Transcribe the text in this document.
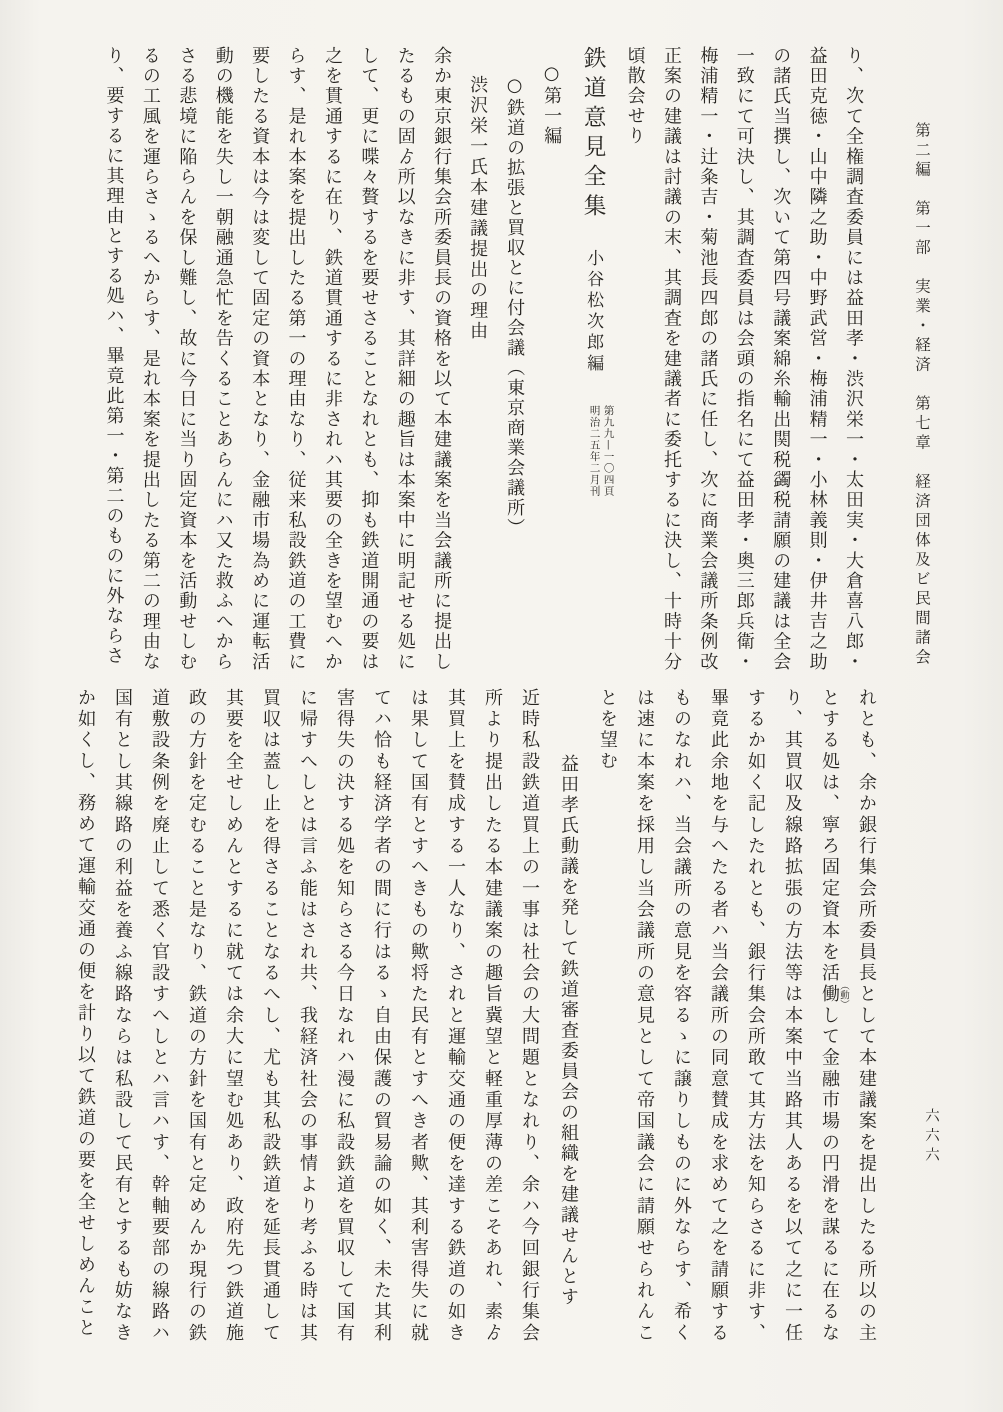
第二編　第一部　実業・経済　第七章　経済団体及ビ民間諸会
六六六

り、次て全権調査委員には益田孝・渋沢栄一・太田実・大倉喜八郎・益田克徳・山中隣之助・中野武営・梅浦精一・小林義則・伊井吉之助の諸氏当撰し、次いて第四号議案綿糸輸出関税蠲税請願の建議は全会一致にて可決し、其調査委員は会頭の指名にて益田孝・奥三郎兵衛・梅浦精一・辻粂吉・菊池長四郎の諸氏に任し、次に商業会議所条例改正案の建議は討議の末、其調査を建議者に委托するに決し、十時十分頃散会せり

鉄道意見全集小谷松次郎編
第九九—一〇四頁
明治二五年二月刊
○第一編
○鉄道の拡張と買収とに付会議（東京商業会議所）
渋沢栄一氏本建議提出の理由

余か東京銀行集会所委員長の資格を以て本建議案を当会議所に提出したるもの固ゟ所以なきに非す、其詳細の趣旨は本案中に明記せる処にして、更に喋々贅するを要せさることなれとも、抑も鉄道開通の要は之を貫通するに在り、鉄道貫通するに非されハ其要の全きを望むへからす、是れ本案を提出したる第一の理由なり、従来私設鉄道の工費に要したる資本は今は変して固定の資本となり、金融市場為めに運転活動の機能を失し一朝融通急忙を告くることあらんにハ又た救ふへからさる悲境に陥らんを保し難し、故に今日に当り固定資本を活動せしむるの工風を運らさゝるへからす、是れ本案を提出したる第二の理由なり、要するに其理由とする処ハ、畢竟此第一・第二のものに外ならさ

れとも、余か銀行集会所委員長として本建議案を提出したる所以の主とする処は、寧ろ固定資本を活働（動）して金融市場の円滑を謀るに在るなり、其買収及線路拡張の方法等は本案中当路其人あるを以て之に一任するか如く記したれとも、銀行集会所敢て其方法を知らさるに非す、畢竟此余地を与へたる者ハ当会議所の同意賛成を求めて之を請願するものなれハ、当会議所の意見を容るゝに譲りしものに外ならす、希くは速に本案を採用し当会議所の意見として帝国議会に請願せられんことを望む

益田孝氏動議を発して鉄道審査委員会の組織を建議せんとす

近時私設鉄道買上の一事は社会の大問題となれり、余ハ今回銀行集会所より提出したる本建議案の趣旨冀望と軽重厚薄の差こそあれ、素ゟ其買上を賛成する一人なり、されと運輸交通の便を達する鉄道の如きは果して国有とすへきもの歟将た民有とすへき者歟、其利害得失に就てハ恰も経済学者の間に行はるゝ自由保護の貿易論の如く、未た其利害得失の決する処を知らさる今日なれハ漫に私設鉄道を買収して国有に帰すへしとは言ふ能はされ共、我経済社会の事情より考ふる時は其買収は蓋し止を得さることなるへし、尤も其私設鉄道を延長貫通して其要を全せしめんとするに就ては余大に望む処あり、政府先つ鉄道施政の方針を定むること是なり、鉄道の方針を国有と定めんか現行の鉄道敷設条例を廃止して悉く官設すへしとハ言ハす、幹軸要部の線路ハ国有とし其線路の利益を養ふ線路ならは私設して民有とするも妨なきか如くし、務めて運輸交通の便を計り以て鉄道の要を全せしめんこと
